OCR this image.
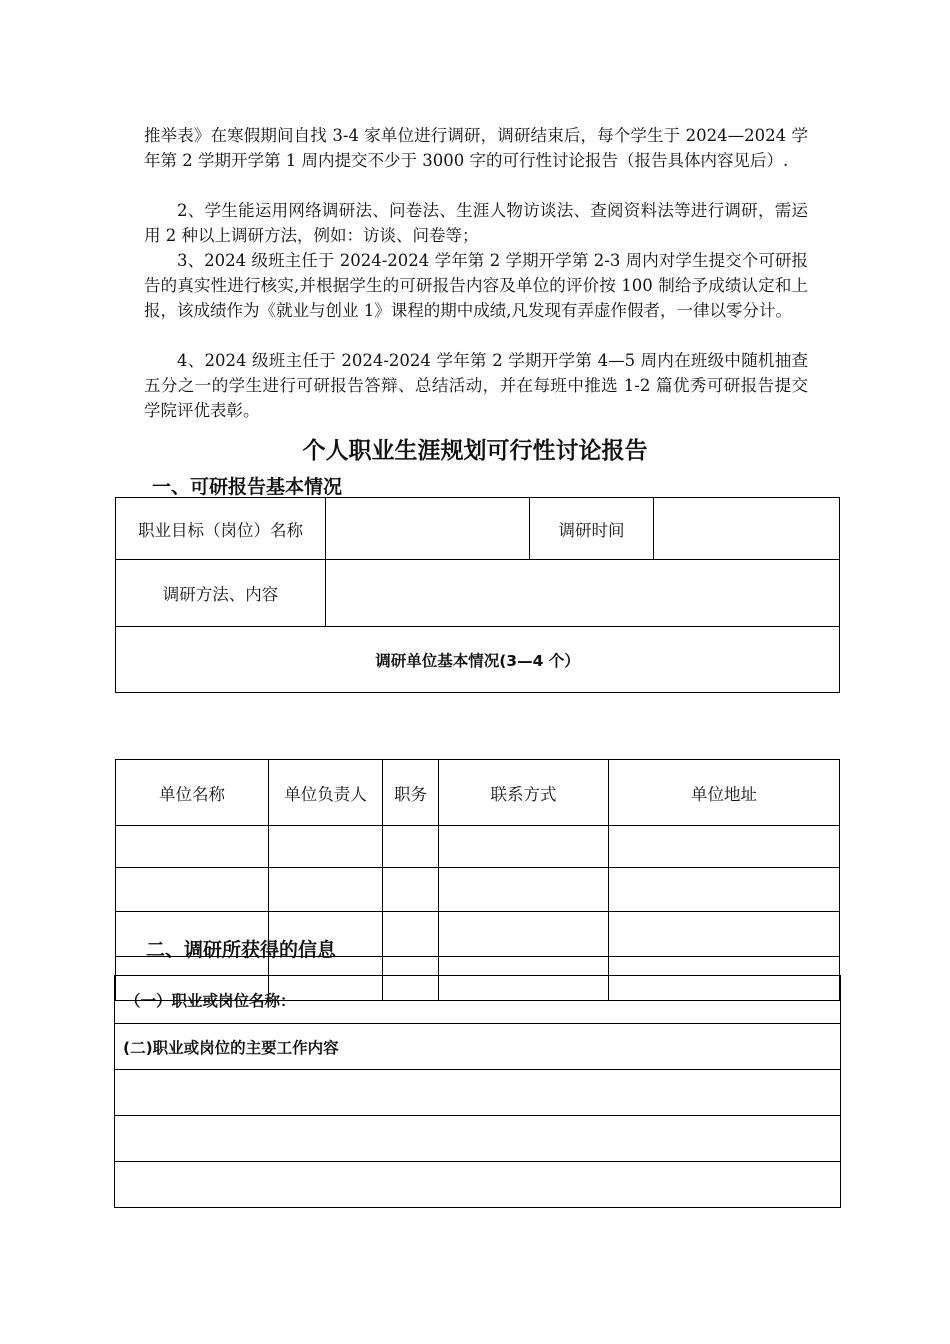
推举表》在寒假期间自找 3-4 家单位进行调研，调研结束后，每个学生于 2024—2024 学年第 2 学期开学第 1 周内提交不少于 3000 字的可行性讨论报告（报告具体内容见后）.

2、学生能运用网络调研法、问卷法、生涯人物访谈法、查阅资料法等进行调研，需运用 2 种以上调研方法，例如：访谈、问卷等；

3、2024 级班主任于 2024-2024 学年第 2 学期开学第 2-3 周内对学生提交个可研报告的真实性进行核实,并根据学生的可研报告内容及单位的评价按 100 制给予成绩认定和上报，该成绩作为《就业与创业 1》课程的期中成绩,凡发现有弄虚作假者，一律以零分计。

4、2024 级班主任于 2024-2024 学年第 2 学期开学第 4—5 周内在班级中随机抽查五分之一的学生进行可研报告答辩、总结活动，并在每班中推选 1-2 篇优秀可研报告提交学院评优表彰。

个人职业生涯规划可行性讨论报告
一、可研报告基本情况
职业目标（岗位）名称		调研时间	
调研方法、内容			
调研单位基本情况(3—4 个）			
单位名称	单位负责人	职务	联系方式	单位地址

二、调研所获得的信息
（一）职业或岗位名称：
(二)职业或岗位的主要工作内容
